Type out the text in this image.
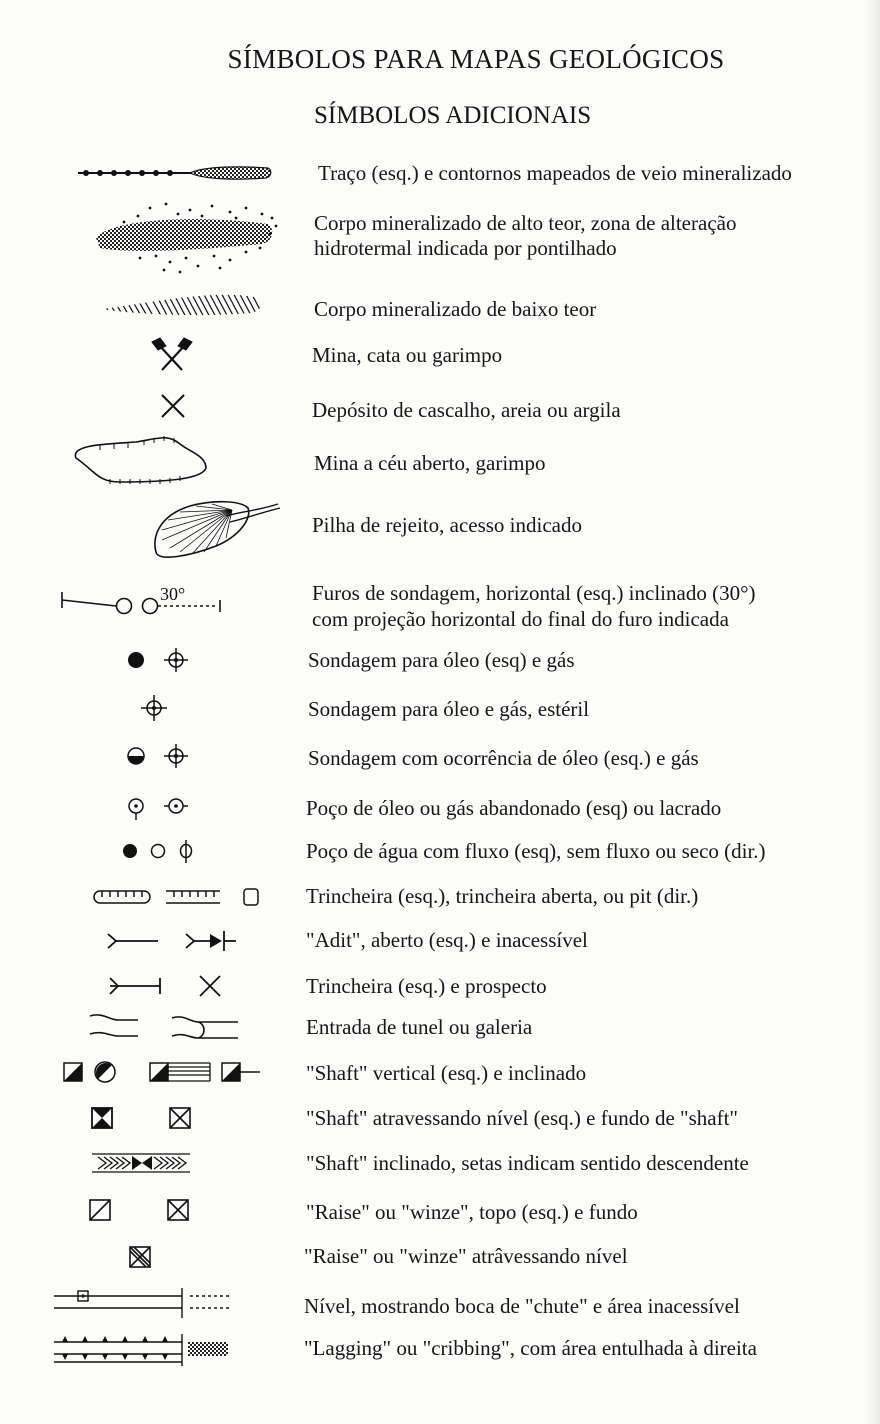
SÍMBOLOS PARA MAPAS GEOLÓGICOS
SÍMBOLOS ADICIONAIS
Traço (esq.) e contornos mapeados de veio mineralizado
Corpo mineralizado de alto teor, zona de alteração
hidrotermal indicada por pontilhado
Corpo mineralizado de baixo teor
Mina, cata ou garimpo
Depósito de cascalho, areia ou argila
Mina a céu aberto, garimpo
Pilha de rejeito, acesso indicado
30°	Furos de sondagem, horizontal (esq.) inclinado (30°)
com projeção horizontal do final do furo indicada
Sondagem para óleo (esq) e gás
Sondagem para óleo e gás, estéril
Sondagem com ocorrência de óleo (esq.) e gás
Poço de óleo ou gás abandonado (esq) ou lacrado
Poço de água com fluxo (esq), sem fluxo ou seco (dir.)
Trincheira (esq.), trincheira aberta, ou pit (dir.)
"Adit", aberto (esq.) e inacessível
Trincheira (esq.) e prospecto
Entrada de tunel ou galeria
"Shaft" vertical (esq.) e inclinado
"Shaft" atravessando nível (esq.) e fundo de "shaft"
"Shaft" inclinado, setas indicam sentido descendente
"Raise" ou "winze", topo (esq.) e fundo
"Raise" ou "winze" atrâvessando nível
Nível, mostrando boca de "chute" e área inacessível
"Lagging" ou "cribbing", com área entulhada à direita
